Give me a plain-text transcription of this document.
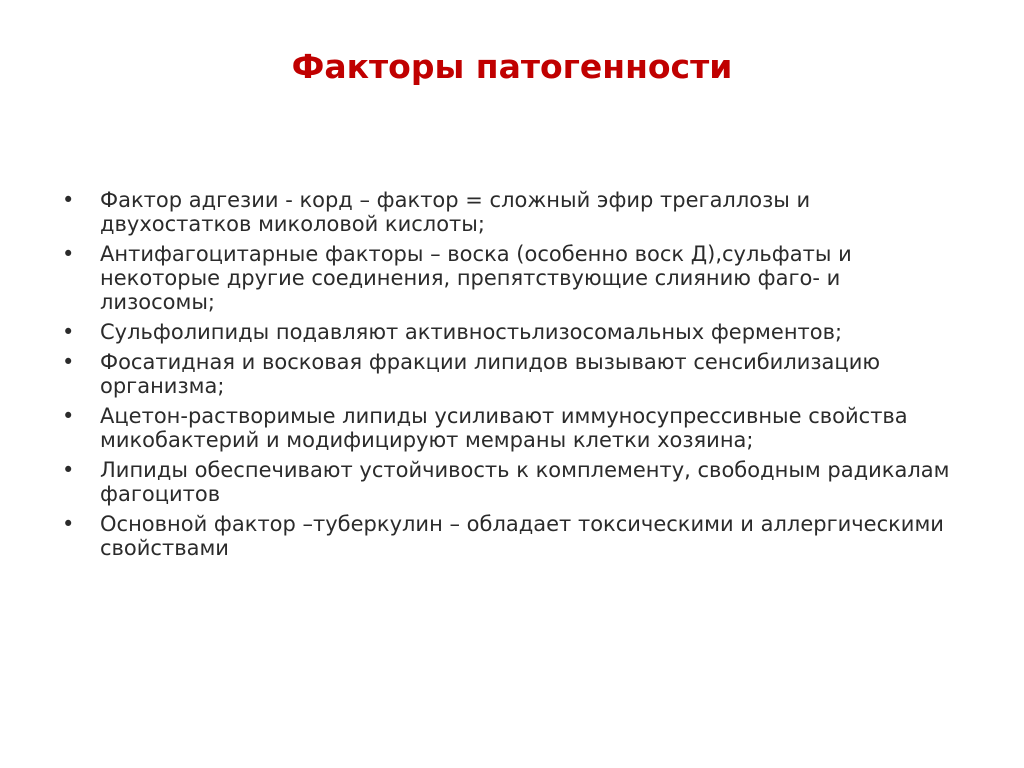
Факторы патогенности
• Фактор адгезии - корд – фактор = сложный эфир трегаллозы и двухостатков миколовой кислоты;
• Антифагоцитарные факторы – воска (особенно воск Д),сульфаты и некоторые другие соединения, препятствующие слиянию фаго- и лизосомы;
• Сульфолипиды подавляют активностьлизосомальных ферментов;
• Фосатидная и восковая фракции липидов вызывают сенсибилизацию организма;
• Ацетон-растворимые липиды усиливают иммуносупрессивные свойства микобактерий и модифицируют мемраны клетки хозяина;
• Липиды обеспечивают устойчивость к комплементу, свободным радикалам фагоцитов
• Основной фактор –туберкулин – обладает токсическими и аллергическими свойствами
